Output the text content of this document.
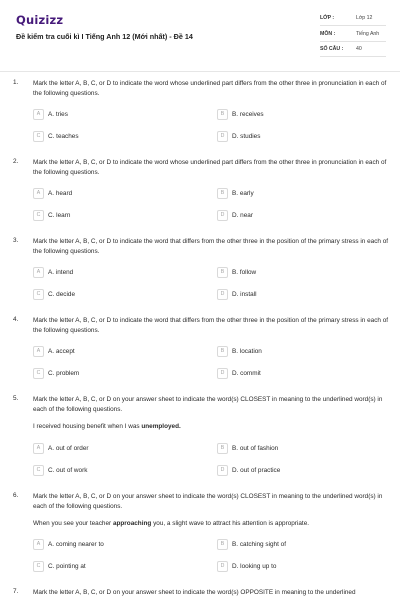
Quizizz
Đề kiểm tra cuối kì I Tiếng Anh 12 (Mới nhất) - Đề 14
LỚP :	Lớp 12
MÔN :	Tiếng Anh
SỐ CÂU : 40
1. Mark the letter A, B, C, or D to indicate the word whose underlined part differs from the other three in pronunciation in each of the following questions.
A	A. tries	B	B. receives
C	C. teaches	D	D. studies
2. Mark the letter A, B, C, or D to indicate the word whose underlined part differs from the other three in pronunciation in each of the following questions.
A	A. heard	B	B. early
C	C. learn	D	D. near
3. Mark the letter A, B, C, or D to indicate the word that differs from the other three in the position of the primary stress in each of the following questions.
A	A. intend	B	B. follow
C	C. decide	D	D. install
4. Mark the letter A, B, C, or D to indicate the word that differs from the other three in the position of the primary stress in each of the following questions.
A	A. accept	B	B. location
C	C. problem	D	D. commit
5. Mark the letter A, B, C, or D on your answer sheet to indicate the word(s) CLOSEST in meaning to the underlined word(s) in each of the following questions.
I received housing benefit when I was unemployed.
A	A. out of order	B	B. out of fashion
C	C. out of work	D	D. out of practice
6. Mark the letter A, B, C, or D on your answer sheet to indicate the word(s) CLOSEST in meaning to the underlined word(s) in each of the following questions.
When you see your teacher approaching you, a slight wave to attract his attention is appropriate.
A	A. coming nearer to	B	B. catching sight of
C	C. pointing at	D	D. looking up to
7. Mark the letter A, B, C, or D on your answer sheet to indicate the word(s) OPPOSITE in meaning to the underlined
